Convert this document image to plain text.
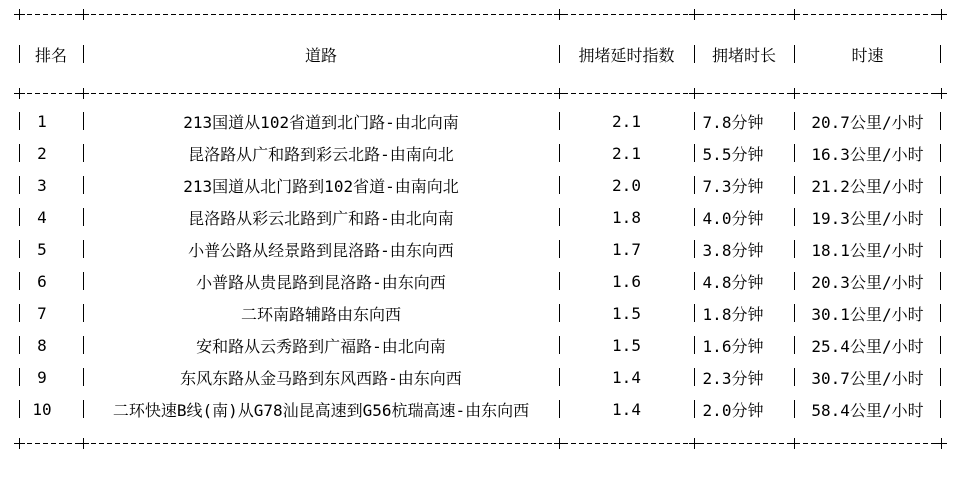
排名	道路	拥堵延时指数	拥堵时长	时速
1	213国道从102省道到北门路-由北向南	2.1	7.8分钟	20.7公里/小时
2	昆洛路从广和路到彩云北路-由南向北	2.1	5.5分钟	16.3公里/小时
3	213国道从北门路到102省道-由南向北	2.0	7.3分钟	21.2公里/小时
4	昆洛路从彩云北路到广和路-由北向南	1.8	4.0分钟	19.3公里/小时
5	小普公路从经景路到昆洛路-由东向西	1.7	3.8分钟	18.1公里/小时
6	小普路从贵昆路到昆洛路-由东向西	1.6	4.8分钟	20.3公里/小时
7	二环南路辅路由东向西	1.5	1.8分钟	30.1公里/小时
8	安和路从云秀路到广福路-由北向南	1.5	1.6分钟	25.4公里/小时
9	东风东路从金马路到东风西路-由东向西	1.4	2.3分钟	30.7公里/小时
10	二环快速B线(南)从G78汕昆高速到G56杭瑞高速-由东向西	1.4	2.0分钟	58.4公里/小时
